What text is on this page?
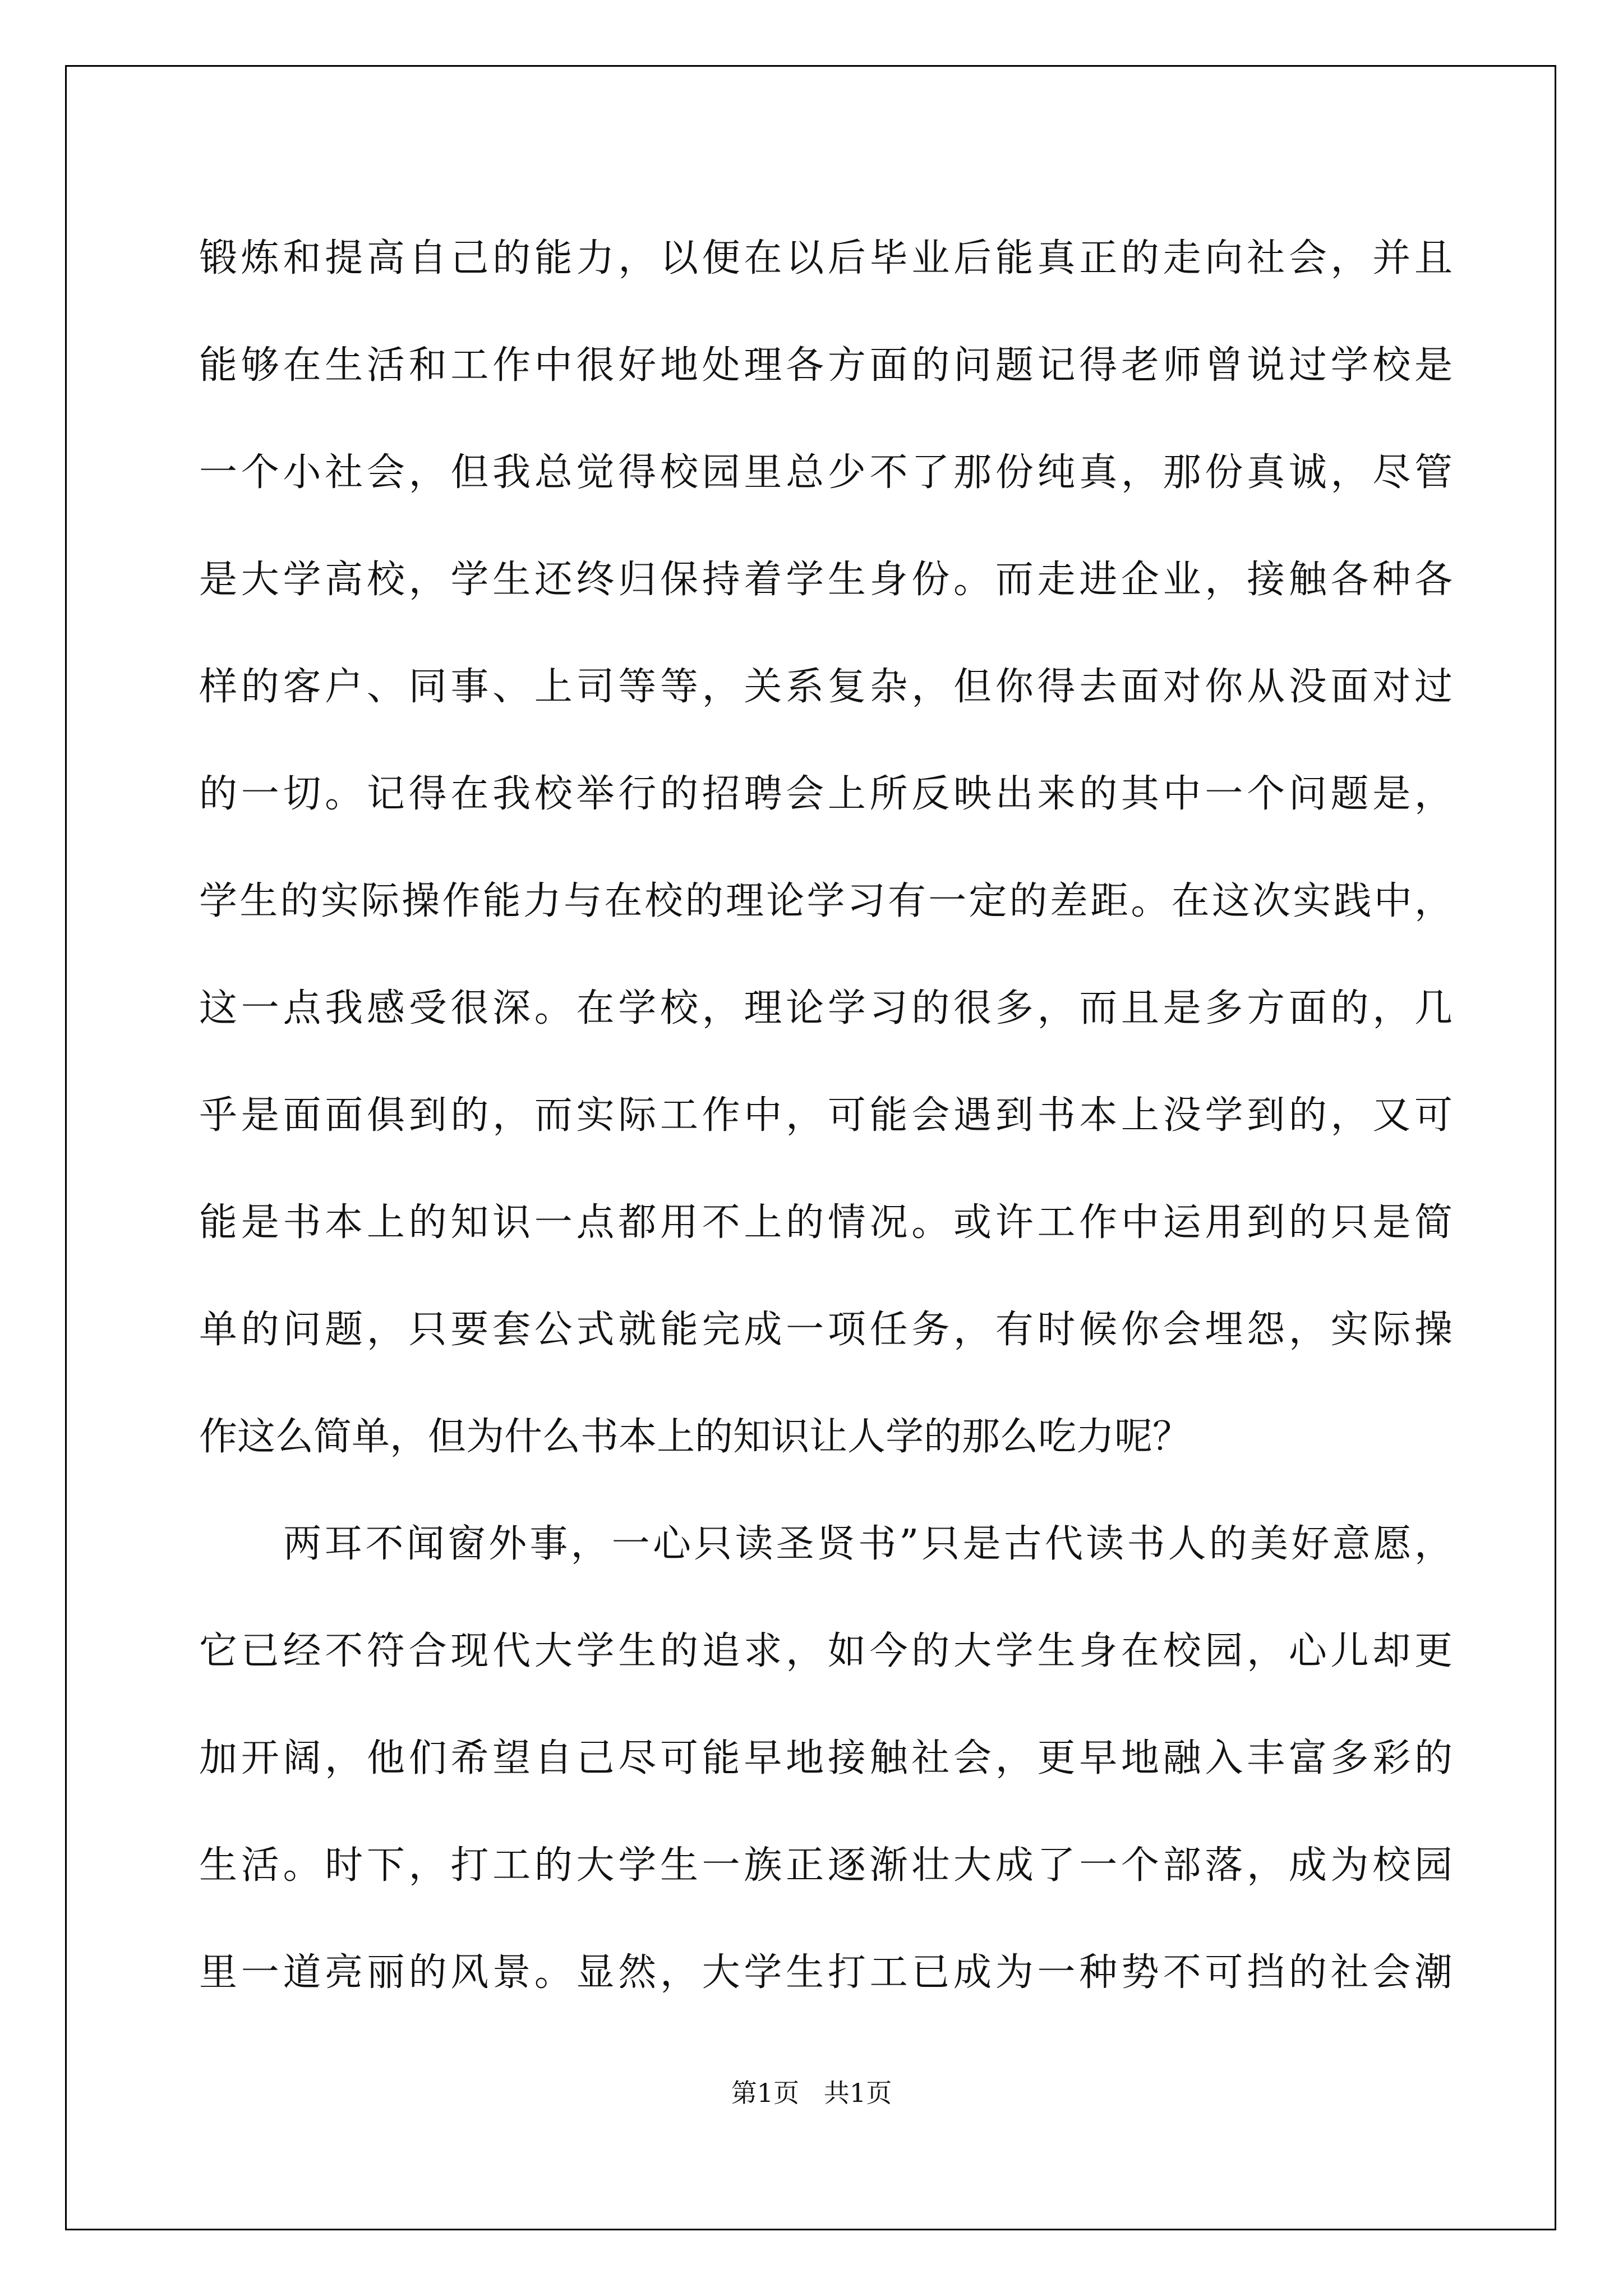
锻炼和提高自己的能力，以便在以后毕业后能真正的走向社会，并且
能够在生活和工作中很好地处理各方面的问题记得老师曾说过学校是
一个小社会，但我总觉得校园里总少不了那份纯真，那份真诚，尽管
是大学高校，学生还终归保持着学生身份。而走进企业，接触各种各
样的客户、同事、上司等等，关系复杂，但你得去面对你从没面对过
的一切。记得在我校举行的招聘会上所反映出来的其中一个问题是，
学生的实际操作能力与在校的理论学习有一定的差距。在这次实践中，
这一点我感受很深。在学校，理论学习的很多，而且是多方面的，几
乎是面面俱到的，而实际工作中，可能会遇到书本上没学到的，又可
能是书本上的知识一点都用不上的情况。或许工作中运用到的只是简
单的问题，只要套公式就能完成一项任务，有时候你会埋怨，实际操
作这么简单，但为什么书本上的知识让人学的那么吃力呢？
两耳不闻窗外事，一心只读圣贤书”只是古代读书人的美好意愿，
它已经不符合现代大学生的追求，如今的大学生身在校园，心儿却更
加开阔，他们希望自己尽可能早地接触社会，更早地融入丰富多彩的
生活。时下，打工的大学生一族正逐渐壮大成了一个部落，成为校园
里一道亮丽的风景。显然，大学生打工已成为一种势不可挡的社会潮
第1页   共1页
